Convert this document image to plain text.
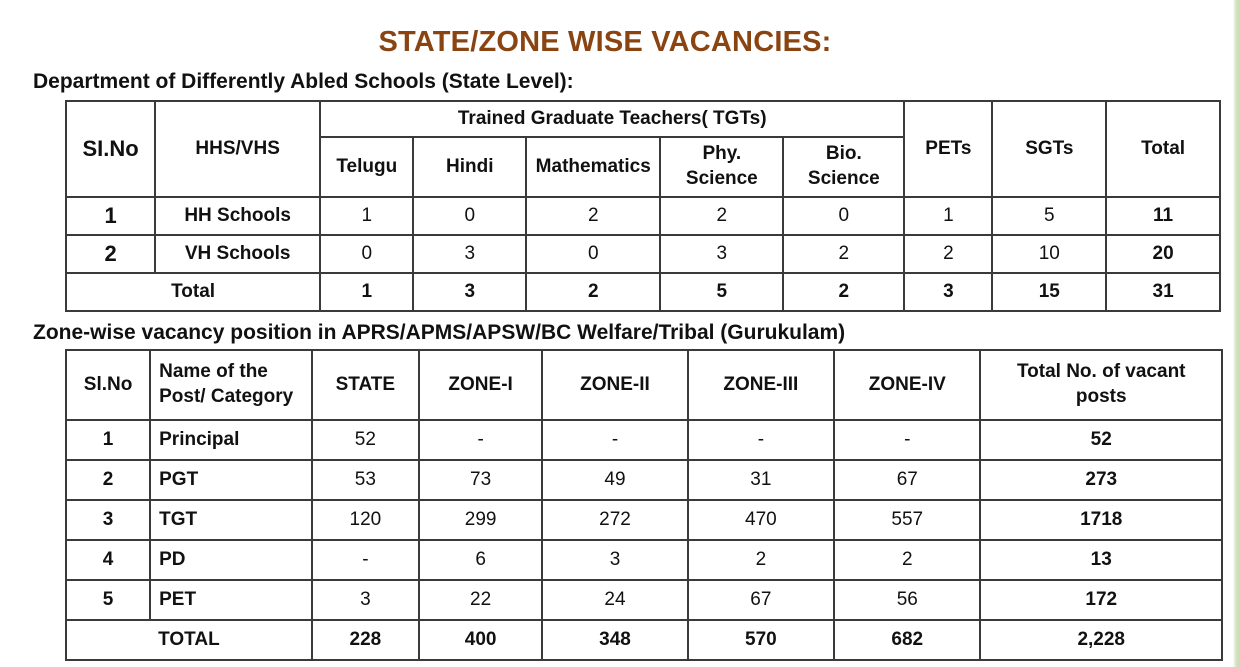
STATE/ZONE WISE VACANCIES:
Department of Differently Abled Schools (State Level):
SI.No	HHS/VHS	Trained Graduate Teachers( TGTs)					PETs	SGTs	Total
		Telugu	Hindi	Mathematics	Phy. Science	Bio. Science			
1	HH Schools	1	0	2	2	0	1	5	11
2	VH Schools	0	3	0	3	2	2	10	20
Total		1	3	2	5	2	3	15	31
Zone-wise vacancy position in APRS/APMS/APSW/BC Welfare/Tribal (Gurukulam)
Sl.No	Name of the Post/ Category	STATE	ZONE-I	ZONE-II	ZONE-III	ZONE-IV	Total No. of vacant posts
1	Principal	52	-	-	-	-	52
2	PGT	53	73	49	31	67	273
3	TGT	120	299	272	470	557	1718
4	PD	-	6	3	2	2	13
5	PET	3	22	24	67	56	172
TOTAL		228	400	348	570	682	2,228
